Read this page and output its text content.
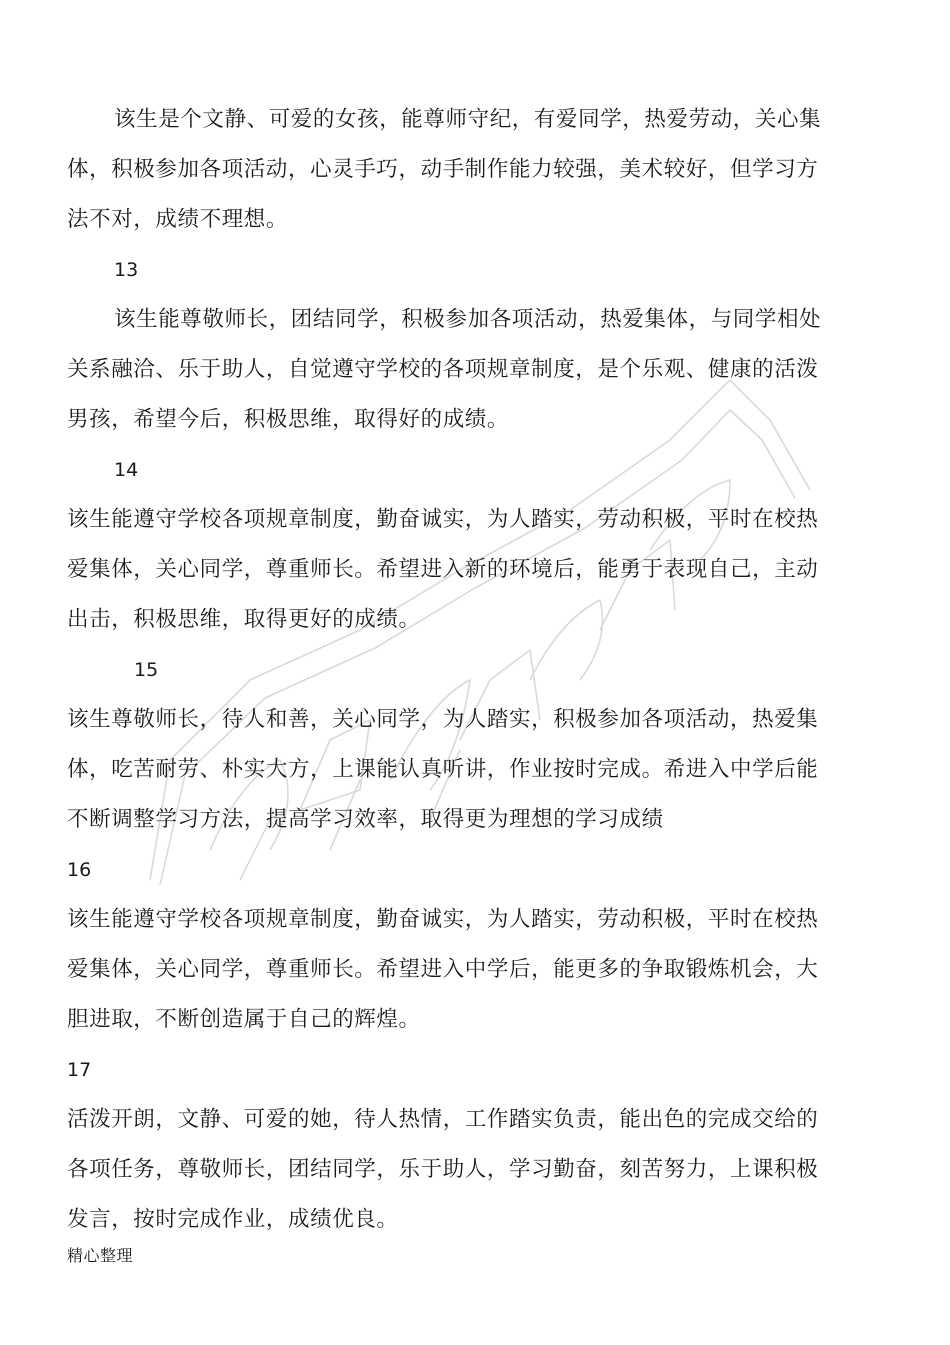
该生是个文静、可爱的女孩，能尊师守纪，有爱同学，热爱劳动，关心集体，积极参加各项活动，心灵手巧，动手制作能力较强，美术较好，但学习方法不对，成绩不理想。

13

该生能尊敬师长，团结同学，积极参加各项活动，热爱集体，与同学相处关系融洽、乐于助人，自觉遵守学校的各项规章制度，是个乐观、健康的活泼男孩，希望今后，积极思维，取得好的成绩。

14

该生能遵守学校各项规章制度，勤奋诚实，为人踏实，劳动积极，平时在校热爱集体，关心同学，尊重师长。希望进入新的环境后，能勇于表现自己，主动出击，积极思维，取得更好的成绩。

15

该生尊敬师长，待人和善，关心同学，为人踏实，积极参加各项活动，热爱集体，吃苦耐劳、朴实大方，上课能认真听讲，作业按时完成。希进入中学后能不断调整学习方法，提高学习效率，取得更为理想的学习成绩

16

该生能遵守学校各项规章制度，勤奋诚实，为人踏实，劳动积极，平时在校热爱集体，关心同学，尊重师长。希望进入中学后，能更多的争取锻炼机会，大胆进取，不断创造属于自己的辉煌。

17

活泼开朗，文静、可爱的她，待人热情，工作踏实负责，能出色的完成交给的各项任务，尊敬师长，团结同学，乐于助人，学习勤奋，刻苦努力，上课积极发言，按时完成作业，成绩优良。

精心整理
